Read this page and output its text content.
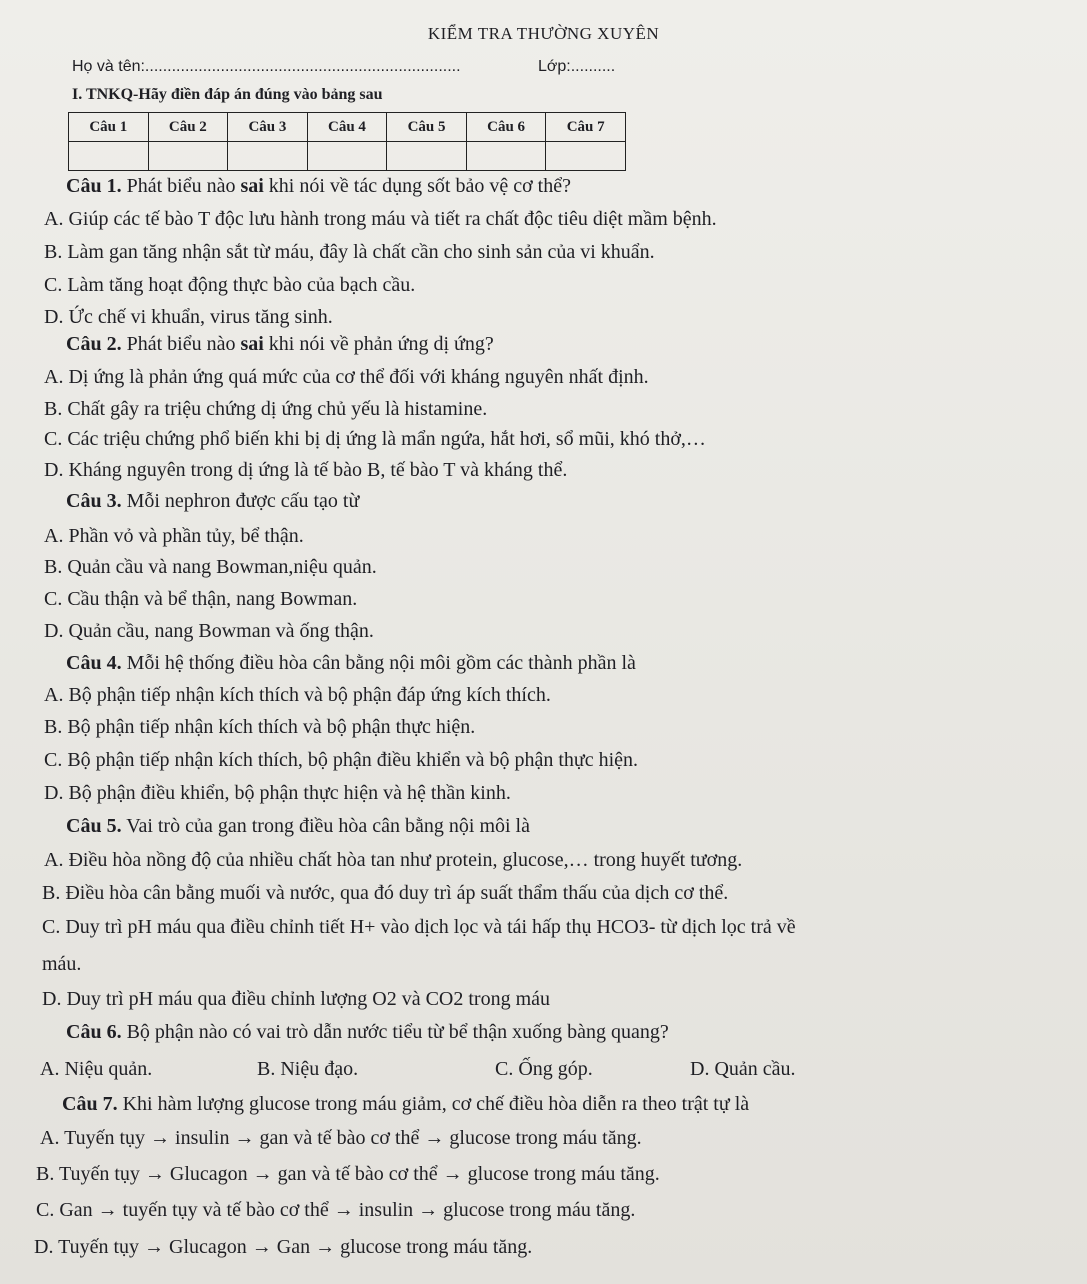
KIỂM TRA THƯỜNG XUYÊN
Họ và tên:.......................................................................	Lớp:..........
I. TNKQ-Hãy điền đáp án đúng vào bảng sau
Câu 1	Câu 2	Câu 3	Câu 4	Câu 5	Câu 6	Câu 7

Câu 1. Phát biểu nào sai khi nói về tác dụng sốt bảo vệ cơ thể?
A. Giúp các tế bào T độc lưu hành trong máu và tiết ra chất độc tiêu diệt mầm bệnh.
B. Làm gan tăng nhận sắt từ máu, đây là chất cần cho sinh sản của vi khuẩn.
C. Làm tăng hoạt động thực bào của bạch cầu.
D. Ức chế vi khuẩn, virus tăng sinh.
Câu 2. Phát biểu nào sai khi nói về phản ứng dị ứng?
A. Dị ứng là phản ứng quá mức của cơ thể đối với kháng nguyên nhất định.
B. Chất gây ra triệu chứng dị ứng chủ yếu là histamine.
C. Các triệu chứng phổ biến khi bị dị ứng là mẩn ngứa, hắt hơi, sổ mũi, khó thở,…
D. Kháng nguyên trong dị ứng là tế bào B, tế bào T và kháng thể.
Câu 3. Mỗi nephron được cấu tạo từ
A. Phần vỏ và phần tủy, bể thận.
B. Quản cầu và nang Bowman,niệu quản.
C. Cầu thận và bể thận, nang Bowman.
D. Quản cầu, nang Bowman và ống thận.
Câu 4. Mỗi hệ thống điều hòa cân bằng nội môi gồm các thành phần là
A. Bộ phận tiếp nhận kích thích và bộ phận đáp ứng kích thích.
B. Bộ phận tiếp nhận kích thích và bộ phận thực hiện.
C. Bộ phận tiếp nhận kích thích, bộ phận điều khiển và bộ phận thực hiện.
D. Bộ phận điều khiển, bộ phận thực hiện và hệ thần kinh.
Câu 5. Vai trò của gan trong điều hòa cân bằng nội môi là
A. Điều hòa nồng độ của nhiều chất hòa tan như protein, glucose,… trong huyết tương.
B. Điều hòa cân bằng muối và nước, qua đó duy trì áp suất thẩm thấu của dịch cơ thể.
C. Duy trì pH máu qua điều chỉnh tiết H+ vào dịch lọc và tái hấp thụ HCO3- từ dịch lọc trả về
máu.
D. Duy trì pH máu qua điều chỉnh lượng O2 và CO2 trong máu
Câu 6. Bộ phận nào có vai trò dẫn nước tiểu từ bể thận xuống bàng quang?
A. Niệu quản.	B. Niệu đạo.	C. Ống góp.	D. Quản cầu.
Câu 7. Khi hàm lượng glucose trong máu giảm, cơ chế điều hòa diễn ra theo trật tự là
A. Tuyến tụy → insulin → gan và tế bào cơ thể → glucose trong máu tăng.
B. Tuyến tụy → Glucagon → gan và tế bào cơ thể → glucose trong máu tăng.
C. Gan → tuyến tụy và tế bào cơ thể → insulin → glucose trong máu tăng.
D. Tuyến tụy → Glucagon → Gan → glucose trong máu tăng.
